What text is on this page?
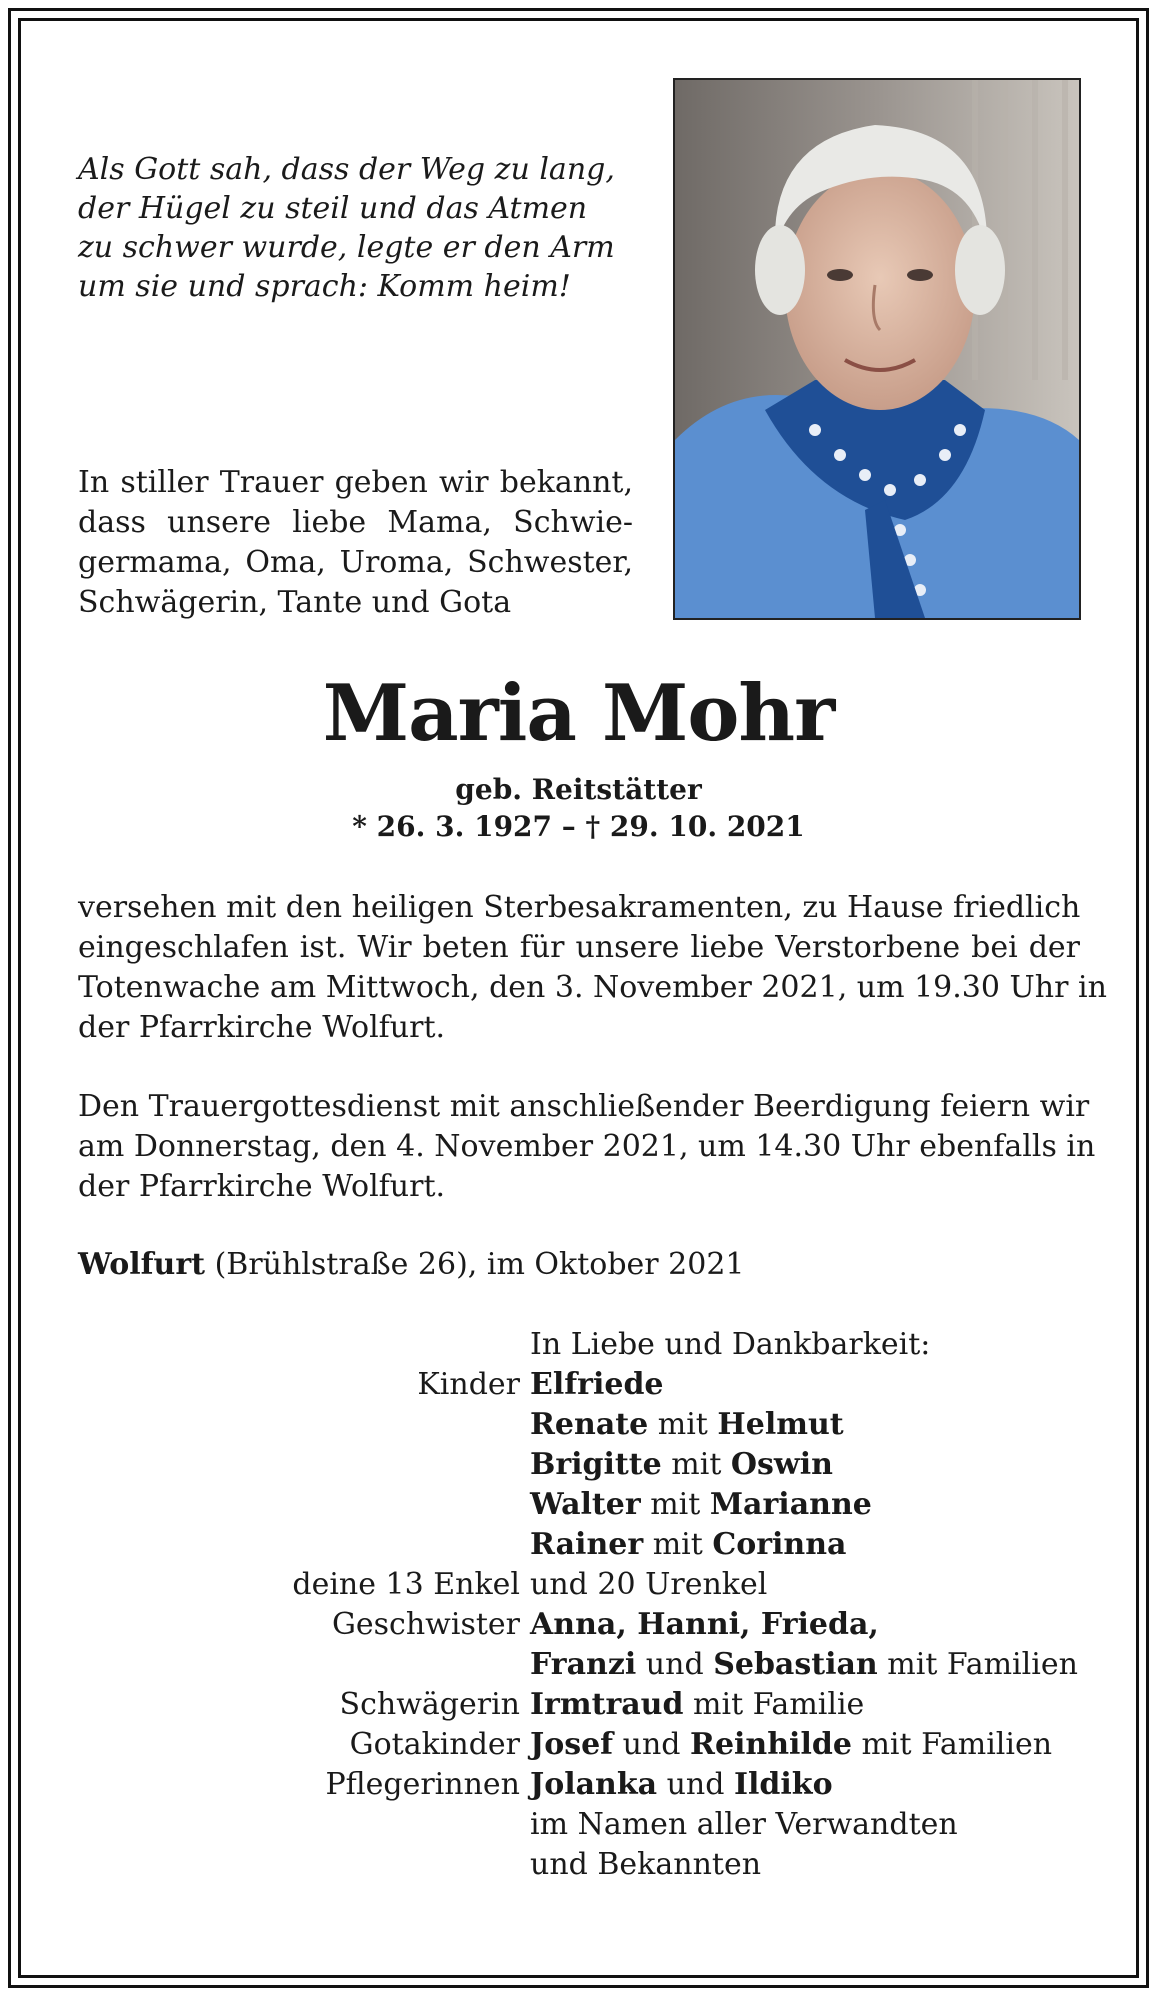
Als Gott sah, dass der Weg zu lang,
der Hügel zu steil und das Atmen
zu schwer wurde, legte er den Arm
um sie und sprach: Komm heim!
In stiller Trauer geben wir bekannt,
dass unsere liebe Mama, Schwie-
germama, Oma, Uroma, Schwester,
Schwägerin, Tante und Gota
Maria Mohr
geb. Reitstätter
* 26. 3. 1927 – † 29. 10. 2021
versehen mit den heiligen Sterbesakramenten, zu Hause friedlich
eingeschlafen ist. Wir beten für unsere liebe Verstorbene bei der
Totenwache am Mittwoch, den 3. November 2021, um 19.30 Uhr in
der Pfarrkirche Wolfurt.
Den Trauergottesdienst mit anschließender Beerdigung feiern wir
am Donnerstag, den 4. November 2021, um 14.30 Uhr ebenfalls in
der Pfarrkirche Wolfurt.
Wolfurt (Brühlstraße 26), im Oktober 2021
In Liebe und Dankbarkeit:
Kinder Elfriede
Renate mit Helmut
Brigitte mit Oswin
Walter mit Marianne
Rainer mit Corinna
deine 13 Enkel und 20 Urenkel
Geschwister Anna, Hanni, Frieda,
Franzi und Sebastian mit Familien
Schwägerin Irmtraud mit Familie
Gotakinder Josef und Reinhilde mit Familien
Pflegerinnen Jolanka und Ildiko
im Namen aller Verwandten
und Bekannten
